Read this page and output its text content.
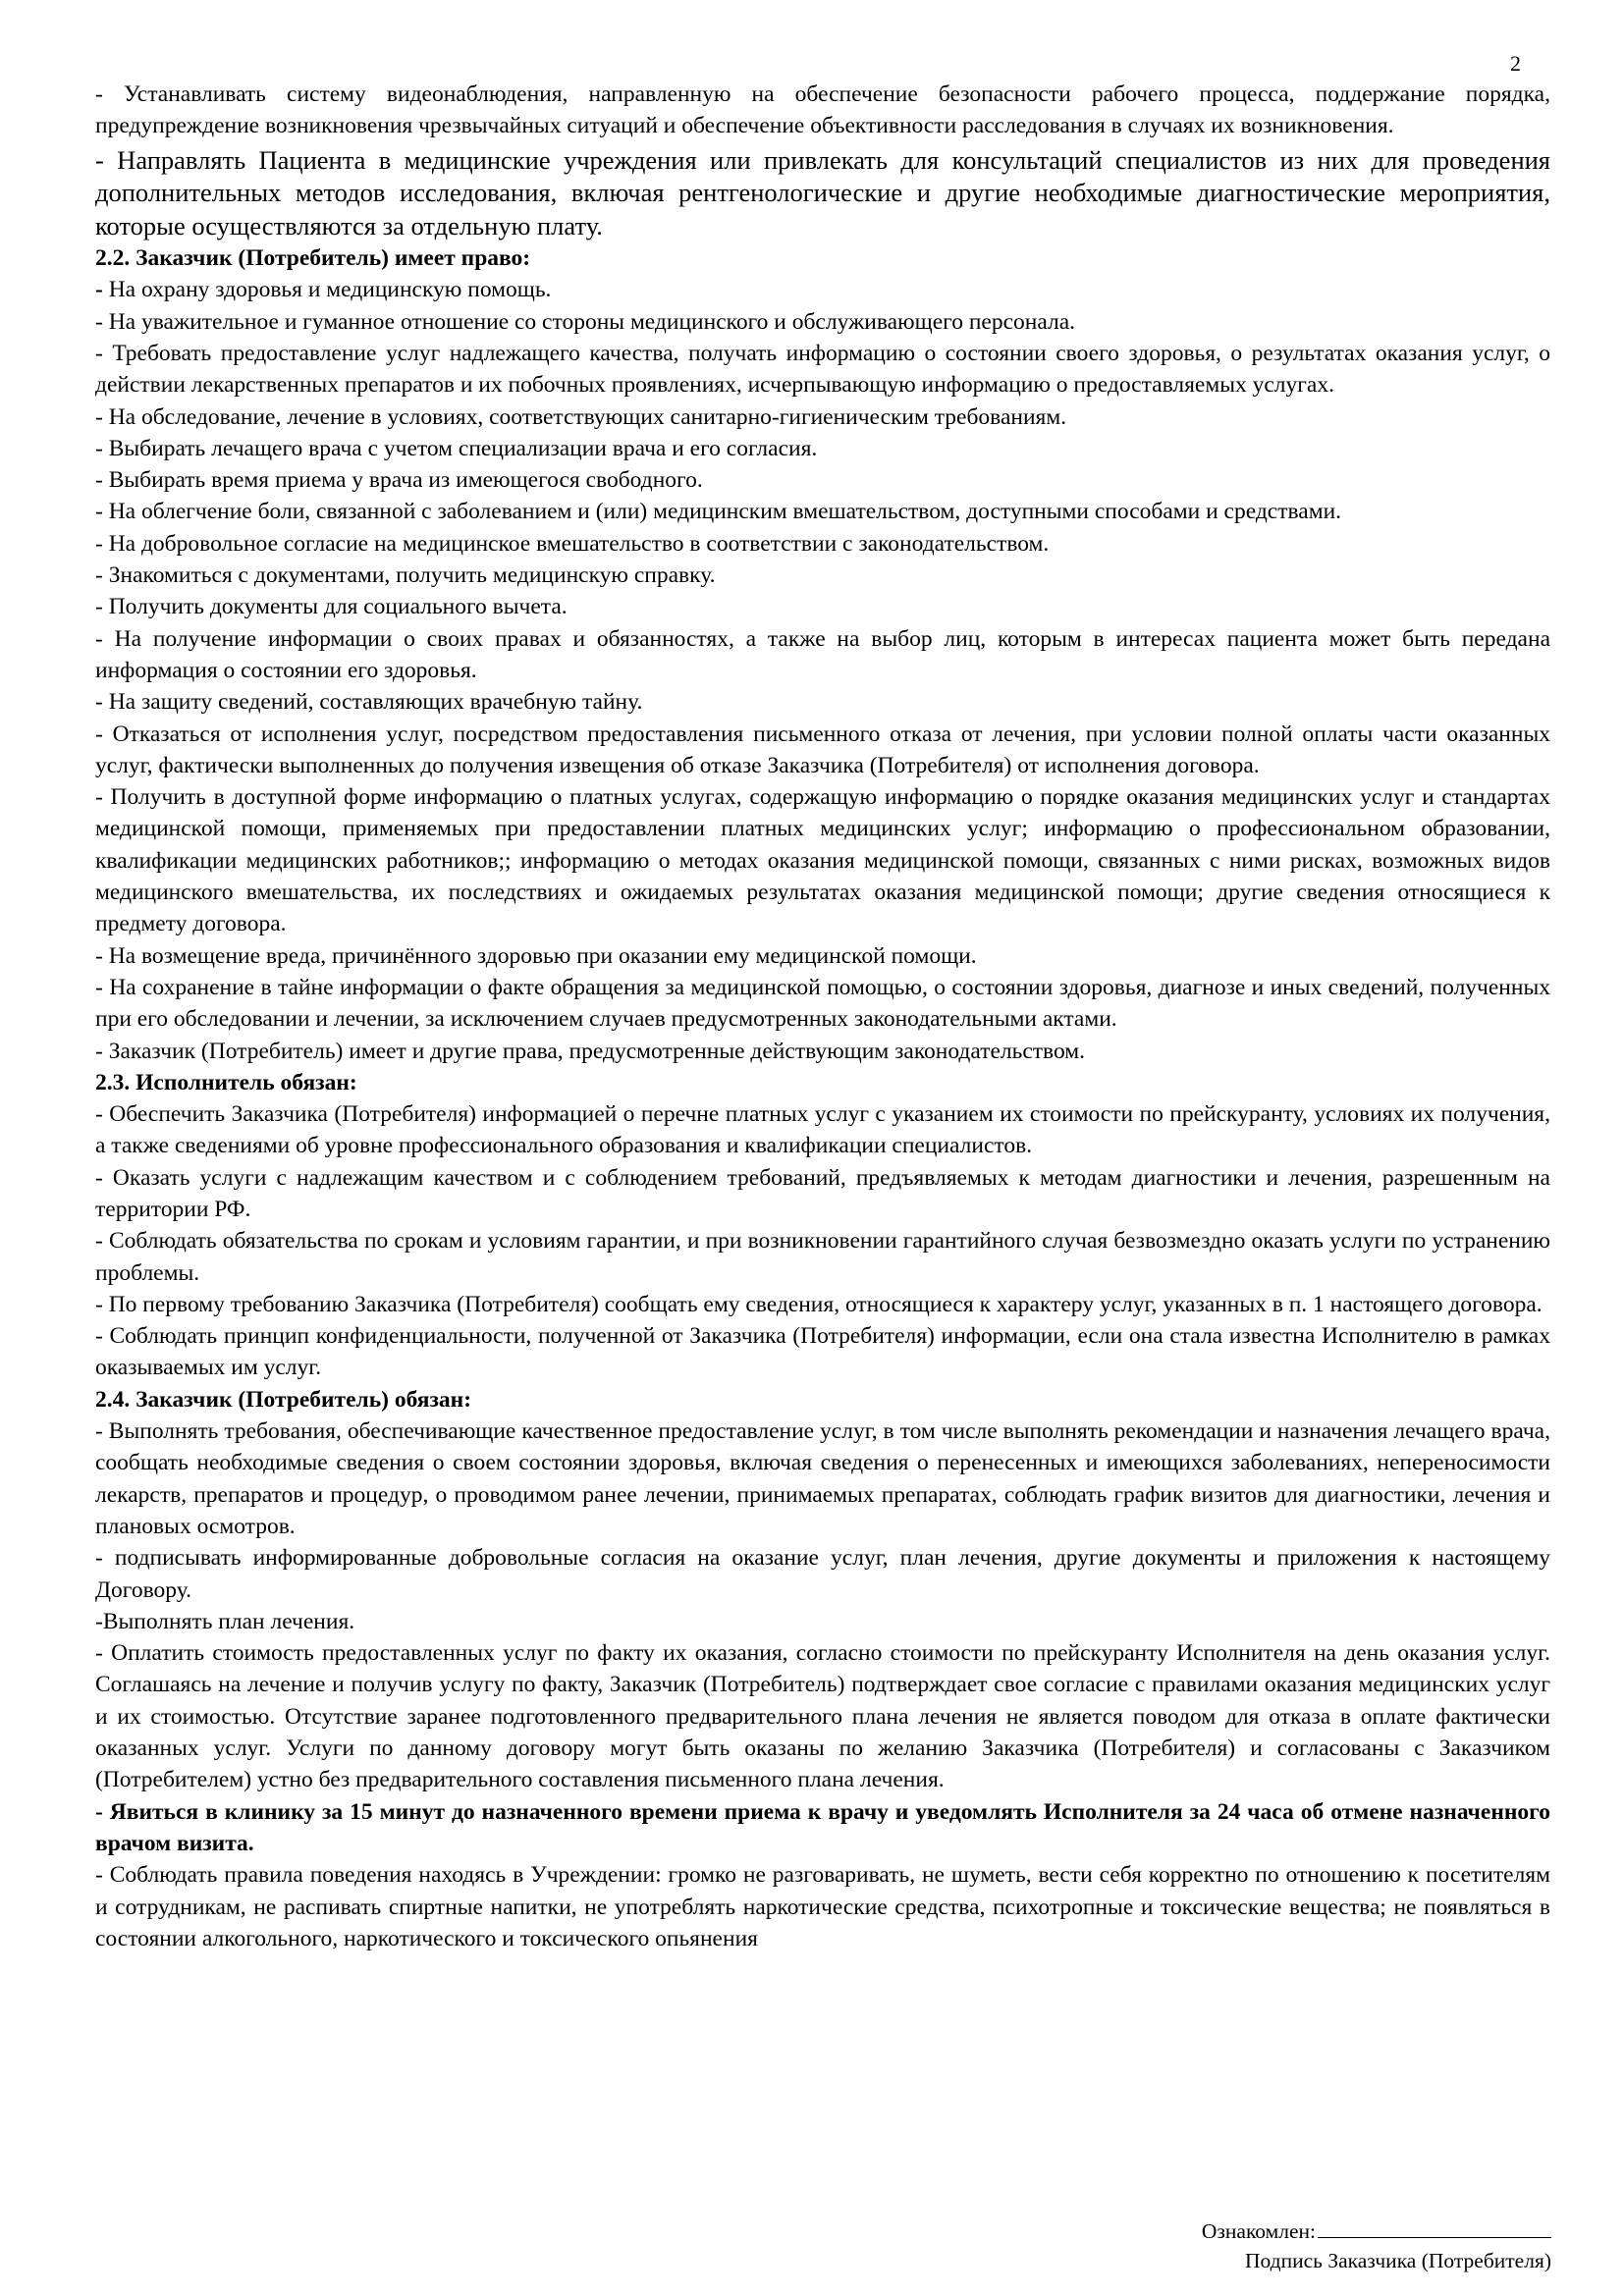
2

- Устанавливать систему видеонаблюдения, направленную на обеспечение безопасности рабочего процесса, поддержание порядка, предупреждение возникновения чрезвычайных ситуаций и обеспечение объективности расследования в случаях их возникновения.

- Направлять Пациента в медицинские учреждения или привлекать для консультаций специалистов из них для проведения дополнительных методов исследования, включая рентгенологические и другие необходимые диагностические мероприятия, которые осуществляются за отдельную плату.

2.2. Заказчик (Потребитель) имеет право:

- На охрану здоровья и медицинскую помощь.

- На уважительное и гуманное отношение со стороны медицинского и обслуживающего персонала.

- Требовать предоставление услуг надлежащего качества, получать информацию о состоянии своего здоровья, о результатах оказания услуг, о действии лекарственных препаратов и их побочных проявлениях, исчерпывающую информацию о предоставляемых услугах.

- На обследование, лечение в условиях, соответствующих санитарно-гигиеническим требованиям.

- Выбирать лечащего врача с учетом специализации врача и его согласия.

- Выбирать время приема у врача из имеющегося свободного.

- На облегчение боли, связанной с заболеванием и (или) медицинским вмешательством, доступными способами и средствами.

- На добровольное согласие на медицинское вмешательство в соответствии с законодательством.

- Знакомиться с документами, получить медицинскую справку.

- Получить документы для социального вычета.

- На получение информации о своих правах и обязанностях, а также на выбор лиц, которым в интересах пациента может быть передана информация о состоянии его здоровья.

- На защиту сведений, составляющих врачебную тайну.

- Отказаться от исполнения услуг, посредством предоставления письменного отказа от лечения, при условии полной оплаты части оказанных услуг, фактически выполненных до получения извещения об отказе Заказчика (Потребителя) от исполнения договора.

- Получить в доступной форме информацию о платных услугах, содержащую информацию о порядке оказания медицинских услуг и стандартах медицинской помощи, применяемых при предоставлении платных медицинских услуг; информацию о профессиональном образовании, квалификации медицинских работников;; информацию о методах оказания медицинской помощи, связанных с ними рисках, возможных видов медицинского вмешательства, их последствиях и ожидаемых результатах оказания медицинской помощи; другие сведения относящиеся к предмету договора.

- На возмещение вреда, причинённого здоровью при оказании ему медицинской помощи.

- На сохранение в тайне информации о факте обращения за медицинской помощью, о состоянии здоровья, диагнозе и иных сведений, полученных при его обследовании и лечении, за исключением случаев предусмотренных законодательными актами.

- Заказчик (Потребитель) имеет и другие права, предусмотренные действующим законодательством.

2.3. Исполнитель обязан:

- Обеспечить Заказчика (Потребителя) информацией о перечне платных услуг с указанием их стоимости по прейскуранту, условиях их получения, а также сведениями об уровне профессионального образования и квалификации специалистов.

- Оказать услуги с надлежащим качеством и с соблюдением требований, предъявляемых к методам диагностики и лечения, разрешенным на территории РФ.

- Соблюдать обязательства по срокам и условиям гарантии, и при возникновении гарантийного случая безвозмездно оказать услуги по устранению проблемы.

- По первому требованию Заказчика (Потребителя) сообщать ему сведения, относящиеся к характеру услуг, указанных в п. 1 настоящего договора.

- Соблюдать принцип конфиденциальности, полученной от Заказчика (Потребителя) информации, если она стала известна Исполнителю в рамках оказываемых им услуг.

2.4. Заказчик (Потребитель) обязан:

- Выполнять требования, обеспечивающие качественное предоставление услуг, в том числе выполнять рекомендации и назначения лечащего врача, сообщать необходимые сведения о своем состоянии здоровья, включая сведения о перенесенных и имеющихся заболеваниях, непереносимости лекарств, препаратов и процедур, о проводимом ранее лечении, принимаемых препаратах, соблюдать график визитов для диагностики, лечения и плановых осмотров.

- подписывать информированные добровольные согласия на оказание услуг, план лечения, другие документы и приложения к настоящему Договору.

-Выполнять план лечения.

- Оплатить стоимость предоставленных услуг по факту их оказания, согласно стоимости по прейскуранту Исполнителя на день оказания услуг. Соглашаясь на лечение и получив услугу по факту, Заказчик (Потребитель) подтверждает свое согласие с правилами оказания медицинских услуг и их стоимостью. Отсутствие заранее подготовленного предварительного плана лечения не является поводом для отказа в оплате фактически оказанных услуг. Услуги по данному договору могут быть оказаны по желанию Заказчика (Потребителя) и согласованы с Заказчиком (Потребителем) устно без предварительного составления письменного плана лечения.

- Явиться в клинику за 15 минут до назначенного времени приема к врачу и уведомлять Исполнителя за 24 часа об отмене назначенного врачом визита.

- Соблюдать правила поведения находясь в Учреждении: громко не разговаривать, не шуметь, вести себя корректно по отношению к посетителям и сотрудникам, не распивать спиртные напитки, не употреблять наркотические средства, психотропные и токсические вещества; не появляться в состоянии алкогольного, наркотического и токсического опьянения

Ознакомлен:
Подпись Заказчика (Потребителя)
